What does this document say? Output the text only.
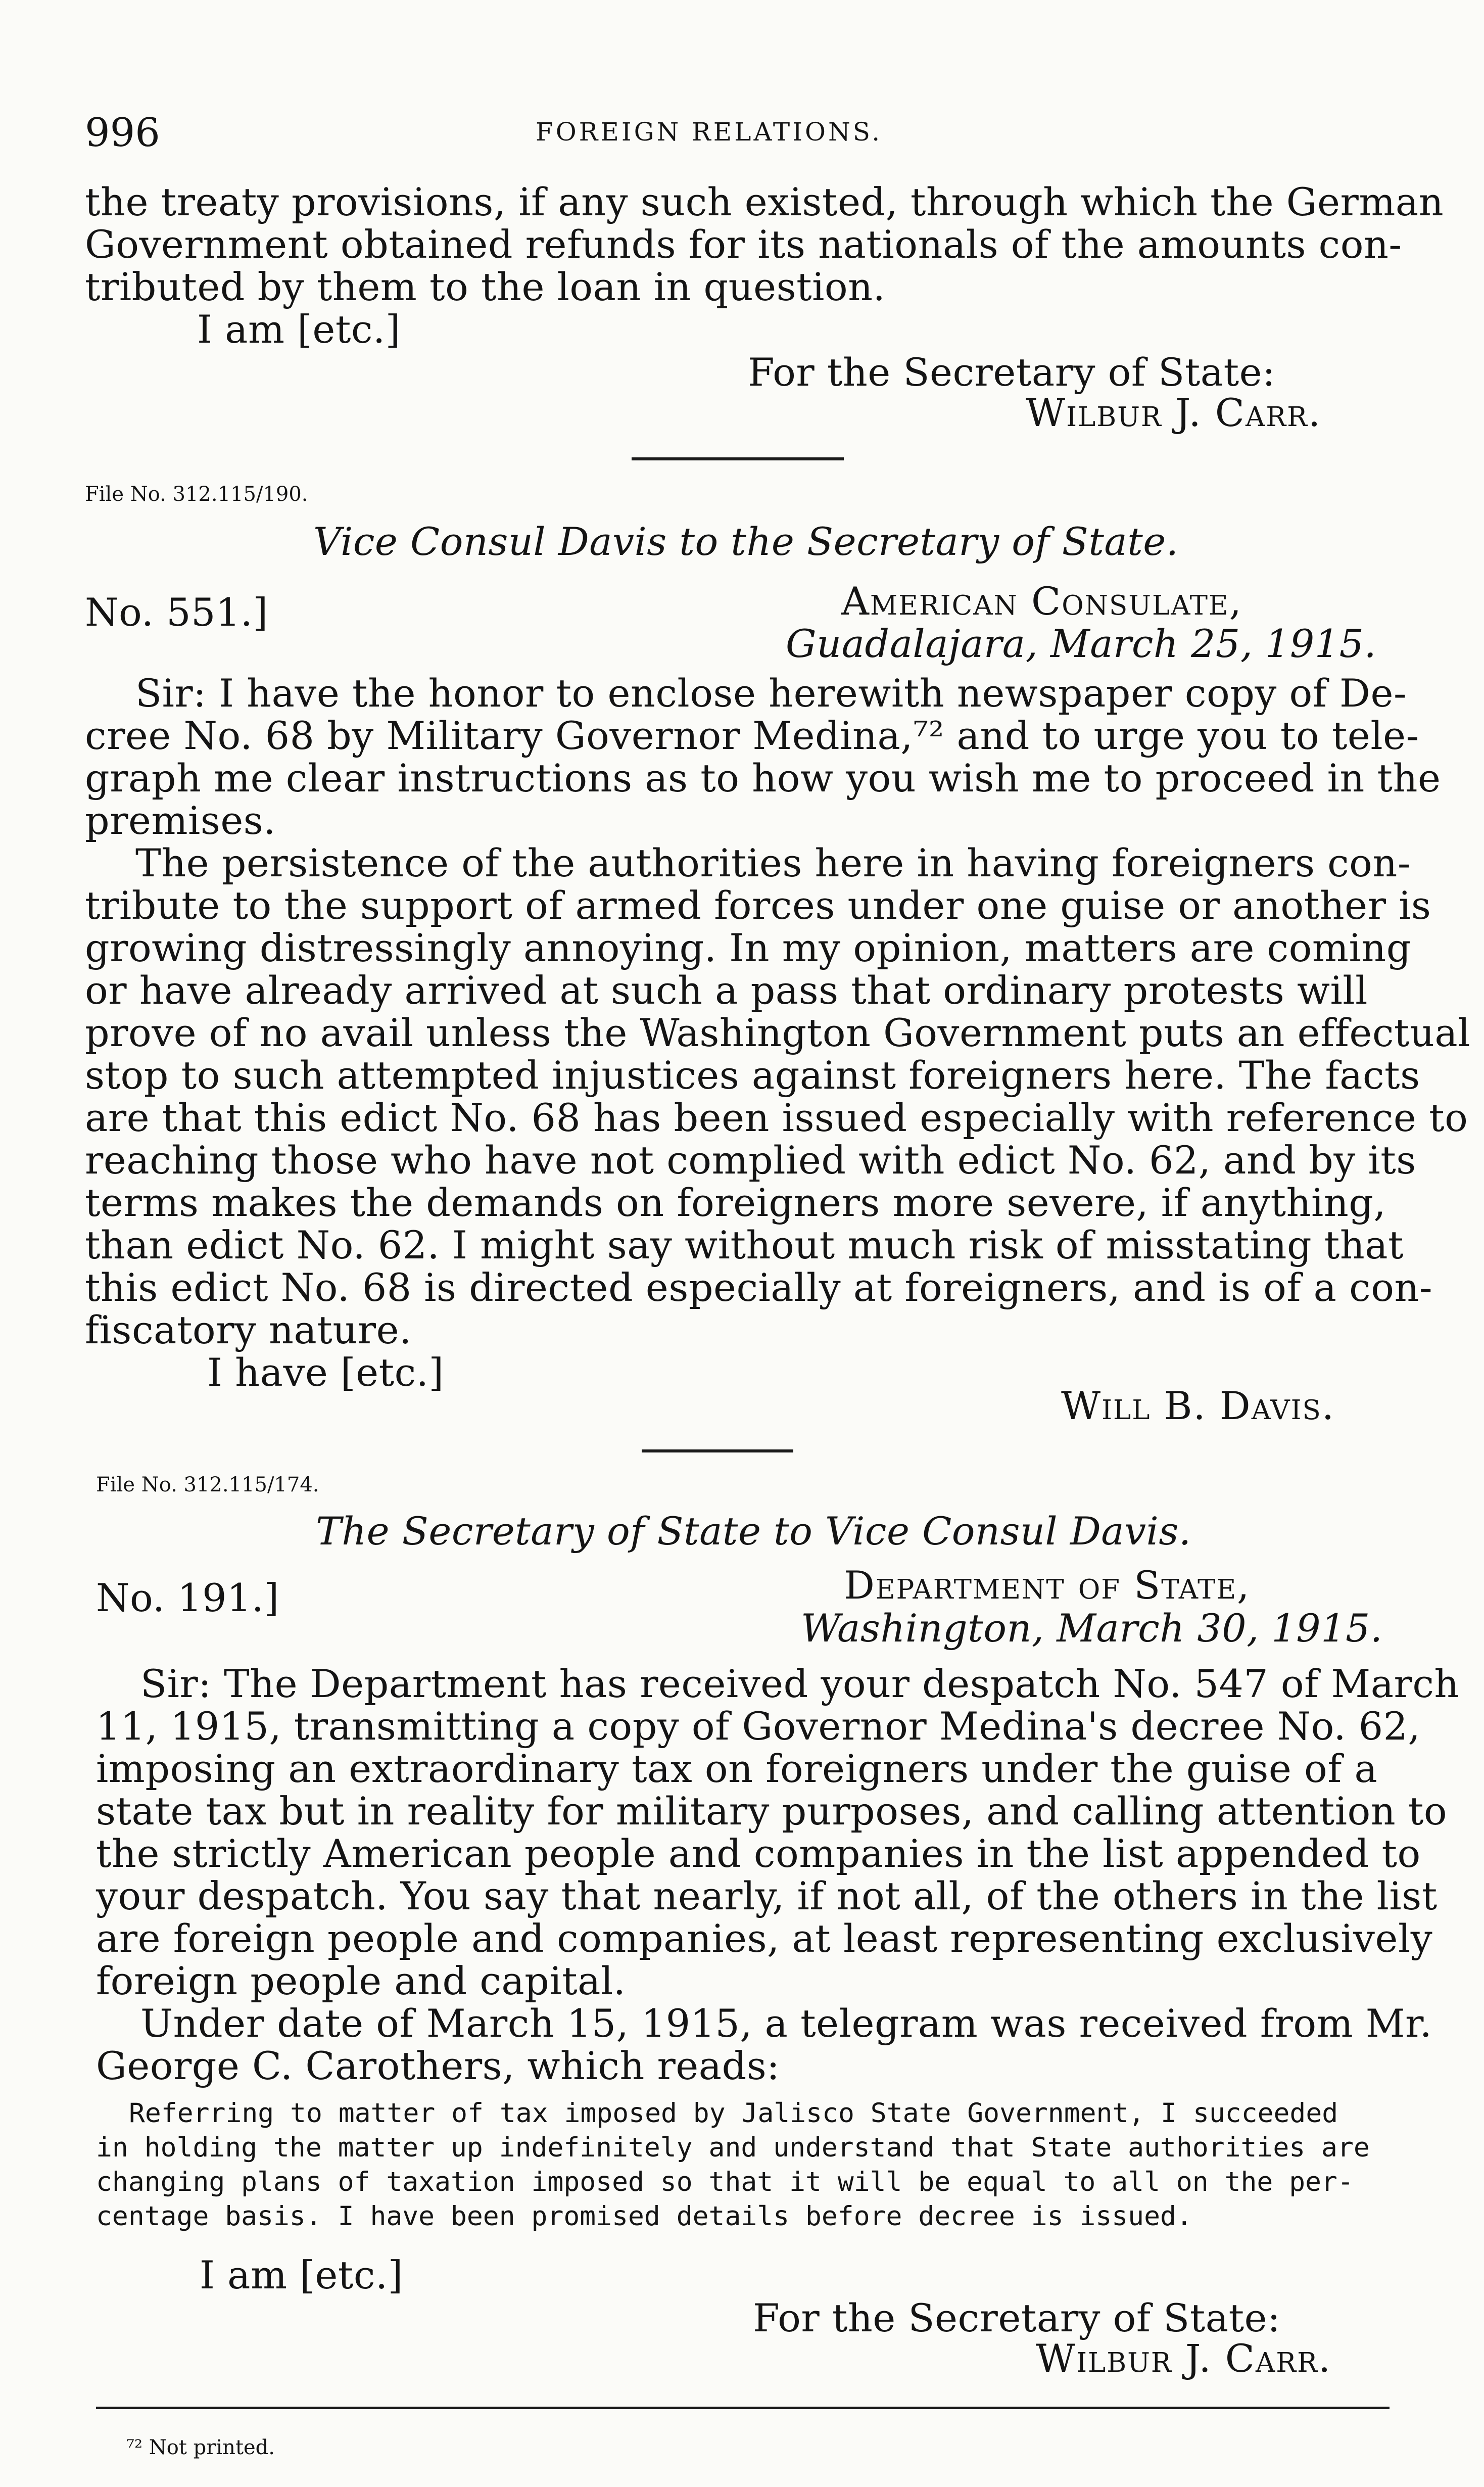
996	FOREIGN RELATIONS.
the treaty provisions, if any such existed, through which the German
Government obtained refunds for its nationals of the amounts con-
tributed by them to the loan in question.
I am [etc.]
For the Secretary of State:
Wilbur J. Carr.
File No. 312.115/190.
Vice Consul Davis to the Secretary of State.
No. 551.]	American Consulate,
Guadalajara, March 25, 1915.
Sir: I have the honor to enclose herewith newspaper copy of De-
cree No. 68 by Military Governor Medina,⁷² and to urge you to tele-
graph me clear instructions as to how you wish me to proceed in the
premises.
The persistence of the authorities here in having foreigners con-
tribute to the support of armed forces under one guise or another is
growing distressingly annoying. In my opinion, matters are coming
or have already arrived at such a pass that ordinary protests will
prove of no avail unless the Washington Government puts an effectual
stop to such attempted injustices against foreigners here. The facts
are that this edict No. 68 has been issued especially with reference to
reaching those who have not complied with edict No. 62, and by its
terms makes the demands on foreigners more severe, if anything,
than edict No. 62. I might say without much risk of misstating that
this edict No. 68 is directed especially at foreigners, and is of a con-
fiscatory nature.
I have [etc.]
Will B. Davis.
File No. 312.115/174.
The Secretary of State to Vice Consul Davis.
No. 191.]	Department of State,
Washington, March 30, 1915.
Sir: The Department has received your despatch No. 547 of March
11, 1915, transmitting a copy of Governor Medina's decree No. 62,
imposing an extraordinary tax on foreigners under the guise of a
state tax but in reality for military purposes, and calling attention to
the strictly American people and companies in the list appended to
your despatch. You say that nearly, if not all, of the others in the list
are foreign people and companies, at least representing exclusively
foreign people and capital.
Under date of March 15, 1915, a telegram was received from Mr.
George C. Carothers, which reads:
Referring to matter of tax imposed by Jalisco State Government, I succeeded
in holding the matter up indefinitely and understand that State authorities are
changing plans of taxation imposed so that it will be equal to all on the per-
centage basis. I have been promised details before decree is issued.
I am [etc.]
For the Secretary of State:
Wilbur J. Carr.
⁷² Not printed.
